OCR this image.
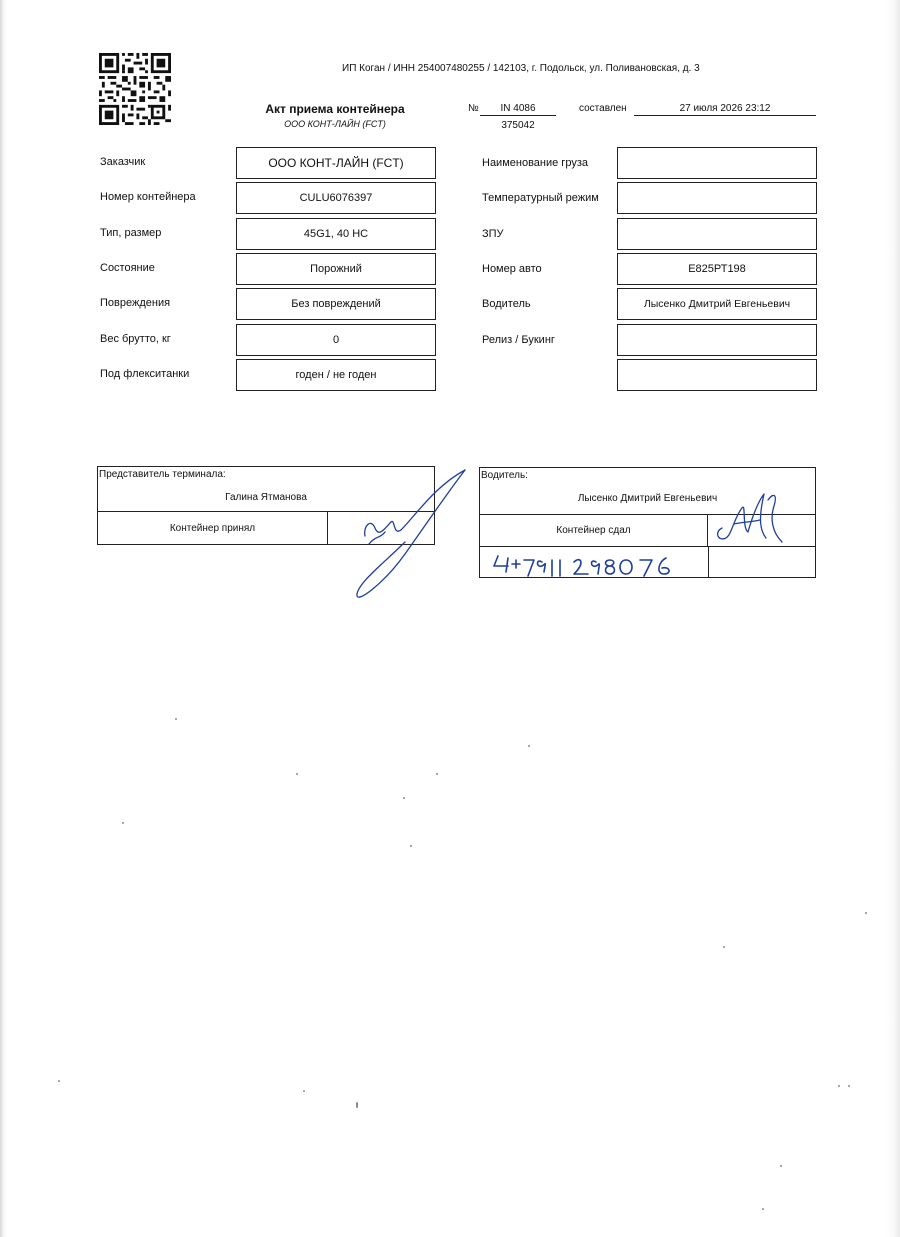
ИП Коган / ИНН 254007480255 / 142103, г. Подольск, ул. Поливановская, д. 3
Акт приема контейнера
ООО КОНТ-ЛАЙН (FCT)
№	IN 4086
375042
составлен	27 июля 2026 23:12
Заказчик	ООО КОНТ-ЛАЙН (FCT)
Номер контейнера	CULU6076397
Тип, размер	45G1, 40 HC
Состояние	Порожний
Повреждения	Без повреждений
Вес брутто, кг	0
Под флекситанки	годен / не годен
Наименование груза
Температурный режим
ЗПУ
Номер авто	Е825РТ198
Водитель	Лысенко Дмитрий Евгеньевич
Релиз / Букинг
Представитель терминала:
Галина Ятманова
Контейнер принял
Водитель:
Лысенко Дмитрий Евгеньевич
Контейнер сдал
